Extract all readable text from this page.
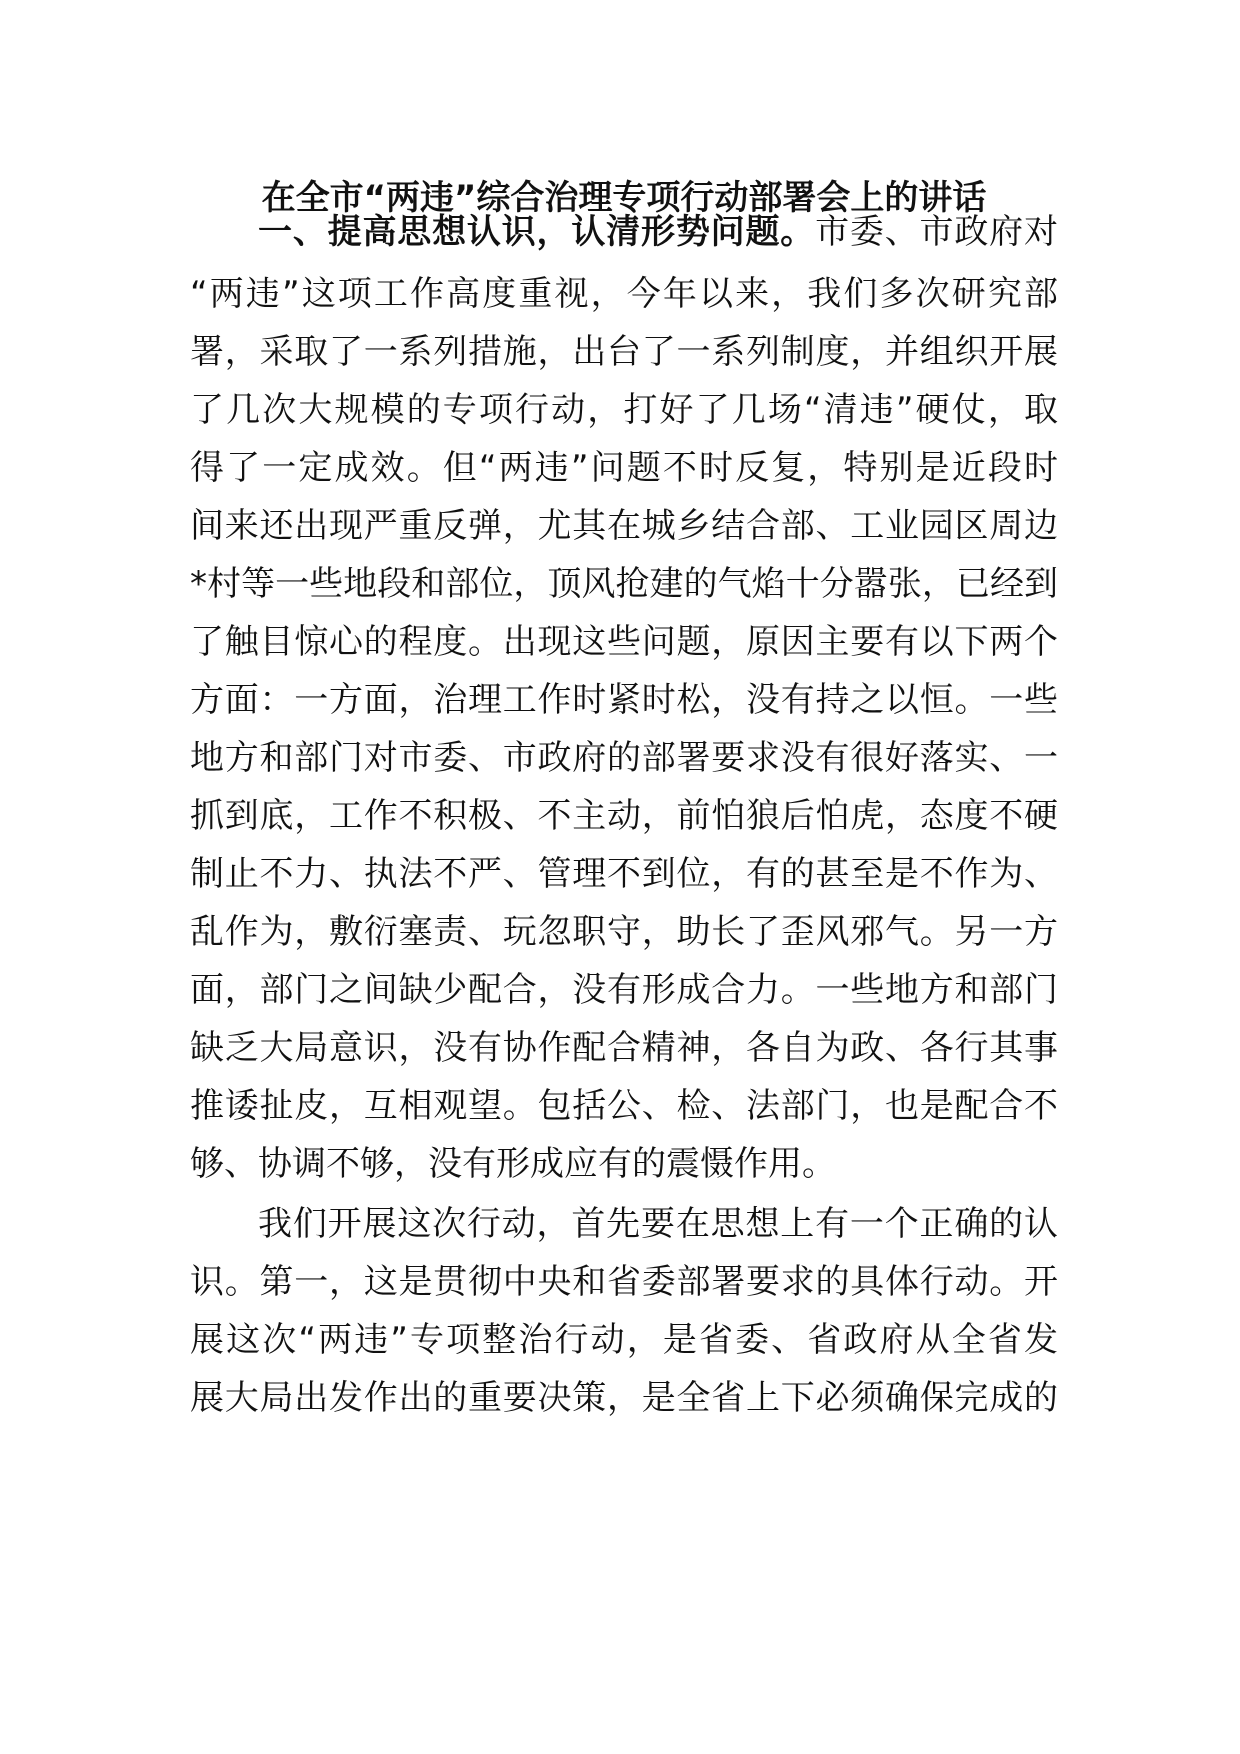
在全市“两违”综合治理专项行动部署会上的讲话
一、提高思想认识，认清形势问题。市委、市政府对
“两违”这项工作高度重视，今年以来，我们多次研究部
署，采取了一系列措施，出台了一系列制度，并组织开展
了几次大规模的专项行动，打好了几场“清违”硬仗，取
得了一定成效。但“两违”问题不时反复，特别是近段时
间来还出现严重反弹，尤其在城乡结合部、工业园区周边
*村等一些地段和部位，顶风抢建的气焰十分嚣张，已经到
了触目惊心的程度。出现这些问题，原因主要有以下两个
方面：一方面，治理工作时紧时松，没有持之以恒。一些
地方和部门对市委、市政府的部署要求没有很好落实、一
抓到底，工作不积极、不主动，前怕狼后怕虎，态度不硬
制止不力、执法不严、管理不到位，有的甚至是不作为、
乱作为，敷衍塞责、玩忽职守，助长了歪风邪气。另一方
面，部门之间缺少配合，没有形成合力。一些地方和部门
缺乏大局意识，没有协作配合精神，各自为政、各行其事
推诿扯皮，互相观望。包括公、检、法部门，也是配合不
够、协调不够，没有形成应有的震慑作用。
我们开展这次行动，首先要在思想上有一个正确的认
识。第一，这是贯彻中央和省委部署要求的具体行动。开
展这次“两违”专项整治行动，是省委、省政府从全省发
展大局出发作出的重要决策，是全省上下必须确保完成的
